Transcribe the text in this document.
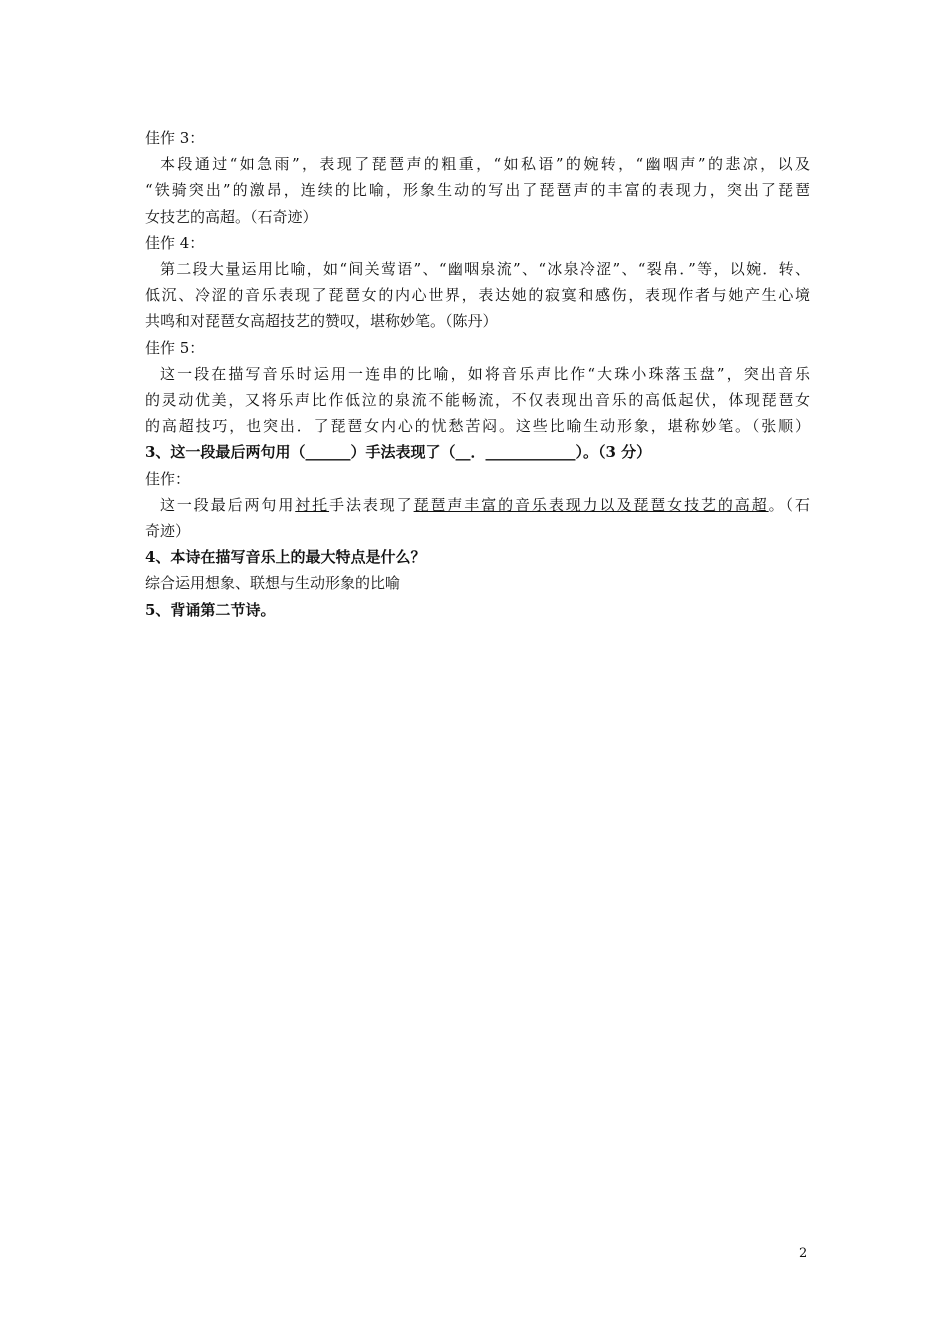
佳作 3：
本段通过“如急雨”，表现了琵琶声的粗重，“如私语”的婉转，“幽咽声”的悲凉，以及
“铁骑突出”的激昂，连续的比喻，形象生动的写出了琵琶声的丰富的表现力，突出了琵琶
女技艺的高超。（石奇迹）
佳作 4：
第二段大量运用比喻，如“间关莺语”、“幽咽泉流”、“冰泉冷涩”、“裂帛．”等，以婉．转、
低沉、冷涩的音乐表现了琵琶女的内心世界，表达她的寂寞和感伤，表现作者与她产生心境
共鸣和对琵琶女高超技艺的赞叹，堪称妙笔。（陈丹）
佳作 5：
这一段在描写音乐时运用一连串的比喻，如将音乐声比作“大珠小珠落玉盘”，突出音乐
的灵动优美，又将乐声比作低泣的泉流不能畅流，不仅表现出音乐的高低起伏，体现琵琶女
的高超技巧，也突出．了琵琶女内心的忧愁苦闷。这些比喻生动形象，堪称妙笔。（张顺）
3、这一段最后两句用（______）手法表现了（__．____________）。（3 分）
佳作：
这一段最后两句用衬托手法表现了琵琶声丰富的音乐表现力以及琵琶女技艺的高超。（石
奇迹）
4、本诗在描写音乐上的最大特点是什么？
综合运用想象、联想与生动形象的比喻
5、背诵第二节诗。
2
